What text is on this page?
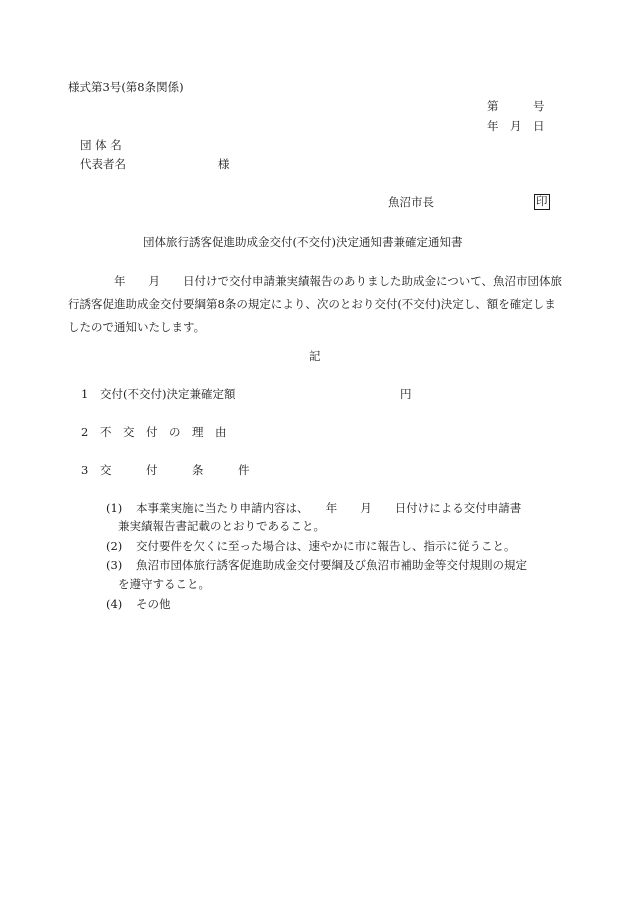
様式第3号(第8条関係)
第　　　号
年　月　日
団 体 名
代表者名	様
魚沼市長	印
団体旅行誘客促進助成金交付(不交付)決定通知書兼確定通知書
　　　　年　　月　　日付けで交付申請兼実績報告のありました助成金について、魚沼市団体旅行誘客促進助成金交付要綱第8条の規定により、次のとおり交付(不交付)決定し、額を確定しましたので通知いたします。
記
1 交付(不交付)決定兼確定額	円
2 不　交　付　の　理　由
3 交　　　付　　　条　　　件
(1) 本事業実施に当たり申請内容は、　　年　　月　　日付けによる交付申請書
兼実績報告書記載のとおりであること。
(2) 交付要件を欠くに至った場合は、速やかに市に報告し、指示に従うこと。
(3) 魚沼市団体旅行誘客促進助成金交付要綱及び魚沼市補助金等交付規則の規定
を遵守すること。
(4) その他
